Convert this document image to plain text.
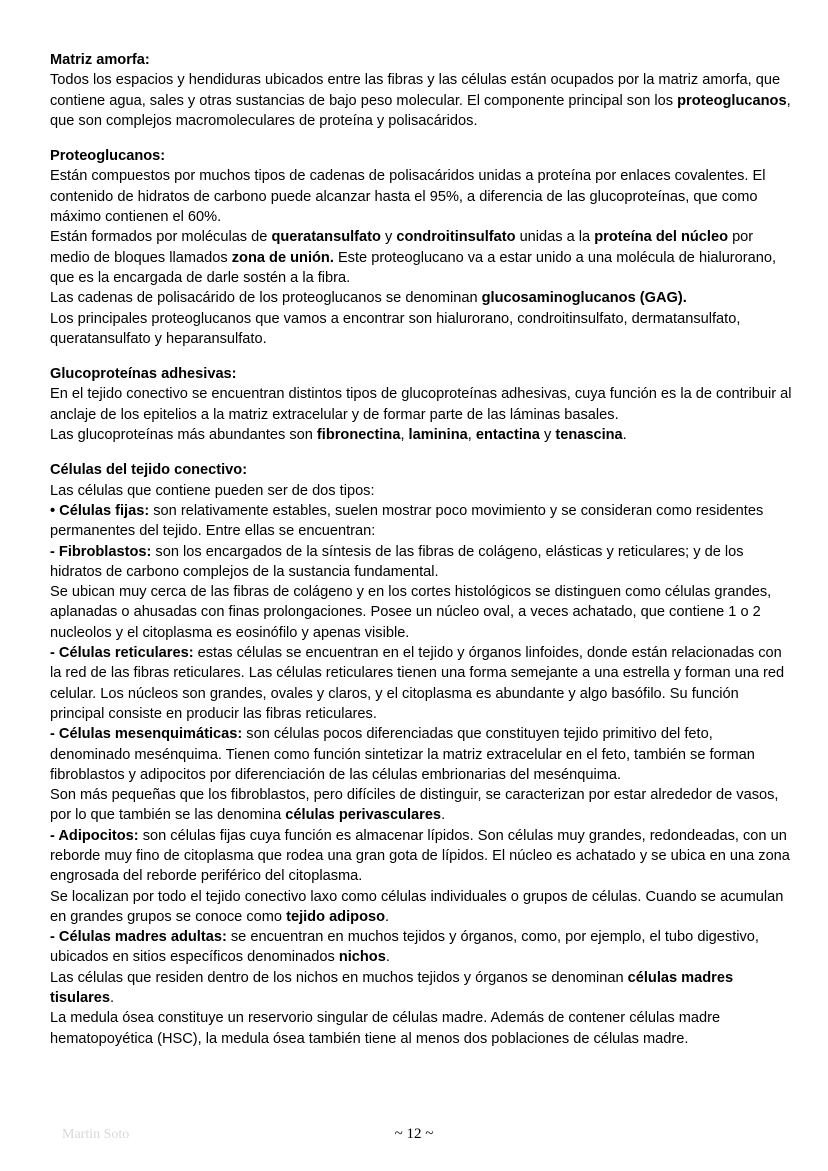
Matriz amorfa:

Todos los espacios y hendiduras ubicados entre las fibras y las células están ocupados por la matriz amorfa, que contiene agua, sales y otras sustancias de bajo peso molecular. El componente principal son los proteoglucanos, que son complejos macromoleculares de proteína y polisacáridos.

Proteoglucanos:

Están compuestos por muchos tipos de cadenas de polisacáridos unidas a proteína por enlaces covalentes. El contenido de hidratos de carbono puede alcanzar hasta el 95%, a diferencia de las glucoproteínas, que como máximo contienen el 60%.

Están formados por moléculas de queratansulfato y condroitinsulfato unidas a la proteína del núcleo por medio de bloques llamados zona de unión. Este proteoglucano va a estar unido a una molécula de hialurorano, que es la encargada de darle sostén a la fibra.

Las cadenas de polisacárido de los proteoglucanos se denominan glucosaminoglucanos (GAG).

Los principales proteoglucanos que vamos a encontrar son hialurorano, condroitinsulfato, dermatansulfato, queratansulfato y heparansulfato.

Glucoproteínas adhesivas:

En el tejido conectivo se encuentran distintos tipos de glucoproteínas adhesivas, cuya función es la de contribuir al anclaje de los epitelios a la matriz extracelular y de formar parte de las láminas basales.

Las glucoproteínas más abundantes son fibronectina, laminina, entactina y tenascina.

Células del tejido conectivo:

Las células que contiene pueden ser de dos tipos:

• Células fijas: son relativamente estables, suelen mostrar poco movimiento y se consideran como residentes permanentes del tejido. Entre ellas se encuentran:

- Fibroblastos: son los encargados de la síntesis de las fibras de colágeno, elásticas y reticulares; y de los hidratos de carbono complejos de la sustancia fundamental.

Se ubican muy cerca de las fibras de colágeno y en los cortes histológicos se distinguen como células grandes, aplanadas o ahusadas con finas prolongaciones. Posee un núcleo oval, a veces achatado, que contiene 1 o 2 nucleolos y el citoplasma es eosinófilo y apenas visible.

- Células reticulares: estas células se encuentran en el tejido y órganos linfoides, donde están relacionadas con la red de las fibras reticulares. Las células reticulares tienen una forma semejante a una estrella y forman una red celular. Los núcleos son grandes, ovales y claros, y el citoplasma es abundante y algo basófilo. Su función principal consiste en producir las fibras reticulares.

- Células mesenquimáticas: son células pocos diferenciadas que constituyen tejido primitivo del feto, denominado mesénquima. Tienen como función sintetizar la matriz extracelular en el feto, también se forman fibroblastos y adipocitos por diferenciación de las células embrionarias del mesénquima.

Son más pequeñas que los fibroblastos, pero difíciles de distinguir, se caracterizan por estar alrededor de vasos, por lo que también se las denomina células perivasculares.

- Adipocitos: son células fijas cuya función es almacenar lípidos. Son células muy grandes, redondeadas, con un reborde muy fino de citoplasma que rodea una gran gota de lípidos. El núcleo es achatado y se ubica en una zona engrosada del reborde periférico del citoplasma.

Se localizan por todo el tejido conectivo laxo como células individuales o grupos de células. Cuando se acumulan en grandes grupos se conoce como tejido adiposo.

- Células madres adultas: se encuentran en muchos tejidos y órganos, como, por ejemplo, el tubo digestivo, ubicados en sitios específicos denominados nichos.

Las células que residen dentro de los nichos en muchos tejidos y órganos se denominan células madres tisulares.

La medula ósea constituye un reservorio singular de células madre. Además de contener células madre hematopoyética (HSC), la medula ósea también tiene al menos dos poblaciones de células madre.

Martin Soto	~ 12 ~
